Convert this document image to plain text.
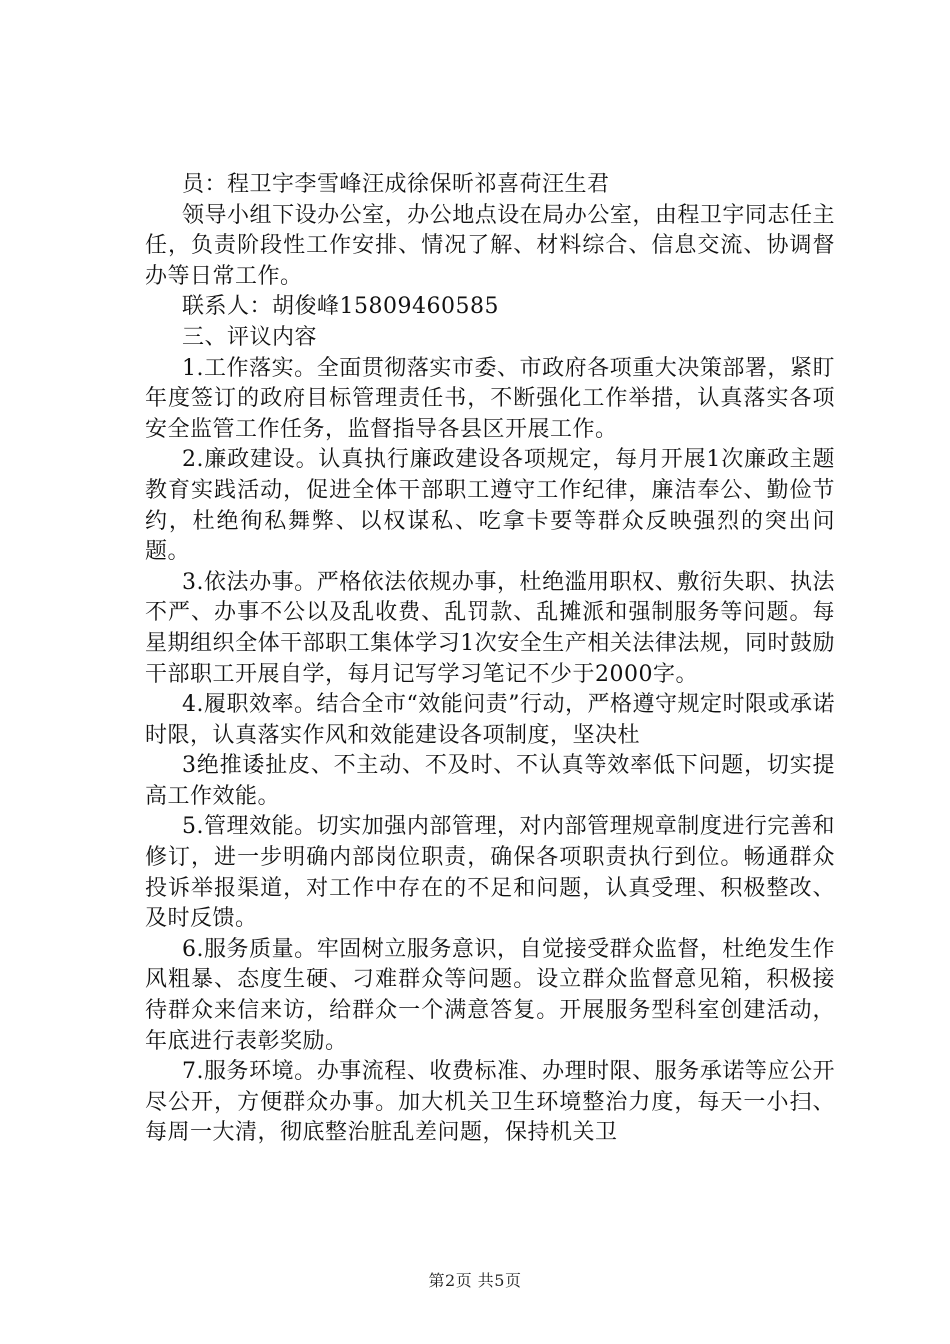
员：程卫宇李雪峰汪成徐保昕祁喜荷汪生君

领导小组下设办公室，办公地点设在局办公室，由程卫宇同志任主任，负责阶段性工作安排、情况了解、材料综合、信息交流、协调督办等日常工作。

联系人：胡俊峰15809460585

三、评议内容

1.工作落实。全面贯彻落实市委、市政府各项重大决策部署，紧盯年度签订的政府目标管理责任书，不断强化工作举措，认真落实各项安全监管工作任务，监督指导各县区开展工作。

2.廉政建设。认真执行廉政建设各项规定，每月开展1次廉政主题教育实践活动，促进全体干部职工遵守工作纪律，廉洁奉公、勤俭节约，杜绝徇私舞弊、以权谋私、吃拿卡要等群众反映强烈的突出问题。

3.依法办事。严格依法依规办事，杜绝滥用职权、敷衍失职、执法不严、办事不公以及乱收费、乱罚款、乱摊派和强制服务等问题。每星期组织全体干部职工集体学习1次安全生产相关法律法规，同时鼓励干部职工开展自学，每月记写学习笔记不少于2000字。

4.履职效率。结合全市“效能问责”行动，严格遵守规定时限或承诺时限，认真落实作风和效能建设各项制度，坚决杜

3绝推诿扯皮、不主动、不及时、不认真等效率低下问题，切实提高工作效能。

5.管理效能。切实加强内部管理，对内部管理规章制度进行完善和修订，进一步明确内部岗位职责，确保各项职责执行到位。畅通群众投诉举报渠道，对工作中存在的不足和问题，认真受理、积极整改、及时反馈。

6.服务质量。牢固树立服务意识，自觉接受群众监督，杜绝发生作风粗暴、态度生硬、刁难群众等问题。设立群众监督意见箱，积极接待群众来信来访，给群众一个满意答复。开展服务型科室创建活动，年底进行表彰奖励。

7.服务环境。办事流程、收费标准、办理时限、服务承诺等应公开尽公开，方便群众办事。加大机关卫生环境整治力度，每天一小扫、每周一大清，彻底整治脏乱差问题，保持机关卫

第2页 共5页
